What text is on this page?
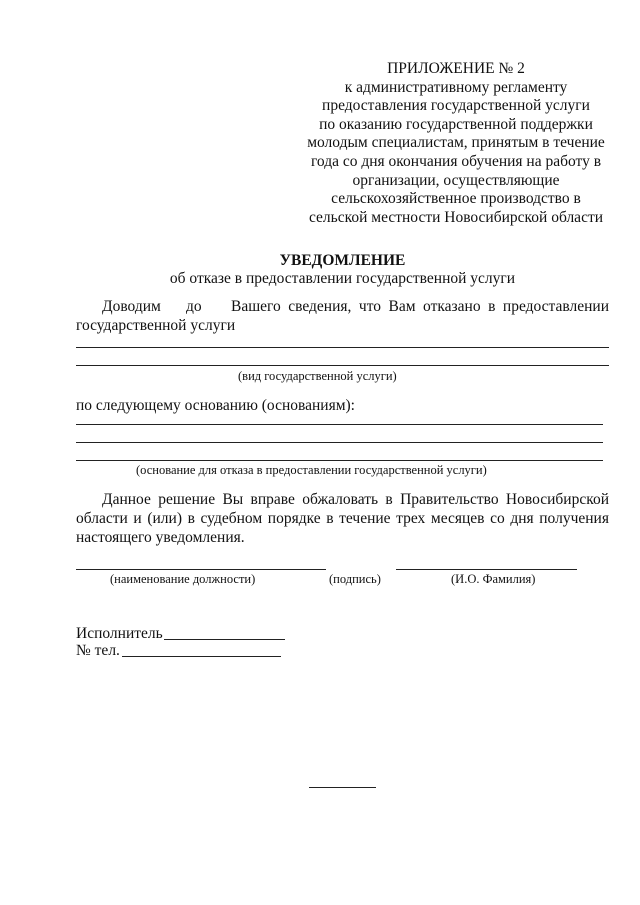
ПРИЛОЖЕНИЕ № 2
к административному регламенту
предоставления государственной услуги
по оказанию государственной поддержки
молодым специалистам, принятым в течение
года со дня окончания обучения на работу в
организации, осуществляющие
сельскохозяйственное производство в
сельской местности Новосибирской области
УВЕДОМЛЕНИЕ
об отказе в предоставлении государственной услуги
Доводим до Вашего сведения, что Вам отказано в предоставлении
государственной услуги
(вид государственной услуги)
по следующему основанию (основаниям):
(основание для отказа в предоставлении государственной услуги)
Данное решение Вы вправе обжаловать в Правительство Новосибирской
области и (или) в судебном порядке в течение трех месяцев со дня получения
настоящего уведомления.
(наименование должности)	(подпись)	(И.О. Фамилия)
Исполнитель
№ тел.
